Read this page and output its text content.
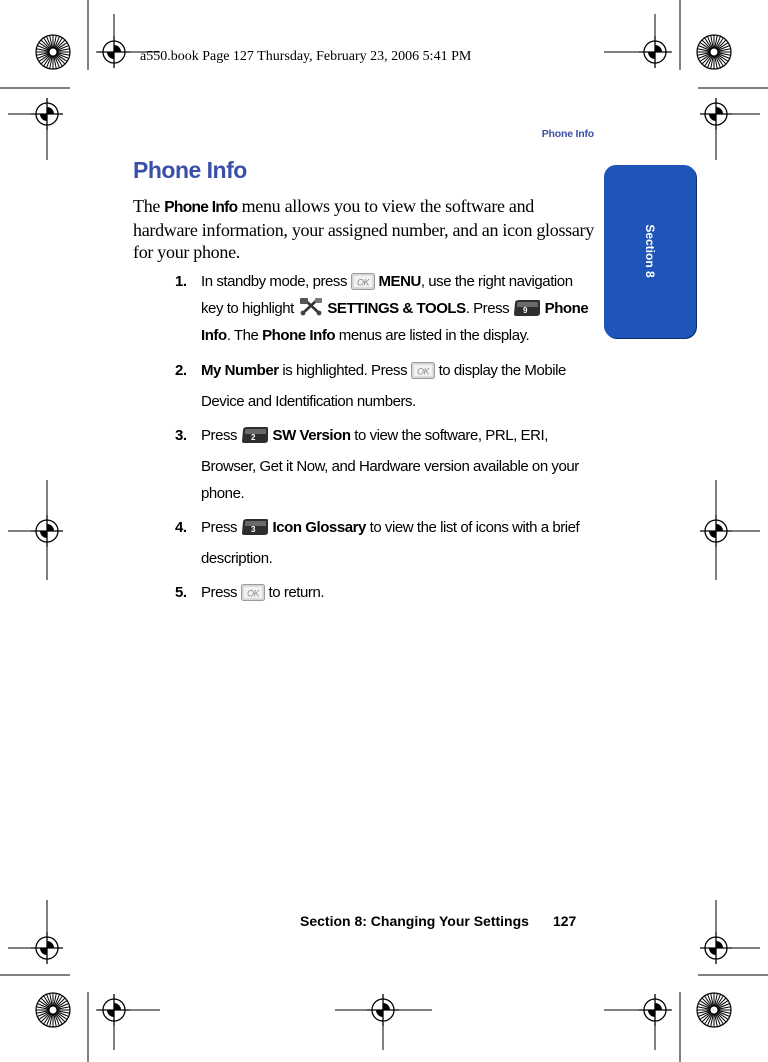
a550.book Page 127 Thursday, February 23, 2006 5:41 PM
Phone Info
Section 8
Phone Info
The Phone Info menu allows you to view the software and hardware information, your assigned number, and an icon glossary for your phone.
1. In standby mode, press OK MENU, use the right navigation key to highlight  SETTINGS & TOOLS. Press 9 Phone Info. The Phone Info menus are listed in the display.
2. My Number is highlighted. Press OK to display the Mobile Device and Identification numbers.
3. Press 2 SW Version to view the software, PRL, ERI, Browser, Get it Now, and Hardware version available on your phone.
4. Press 3 Icon Glossary to view the list of icons with a brief description.
5. Press OK to return.
Section 8: Changing Your Settings 127
